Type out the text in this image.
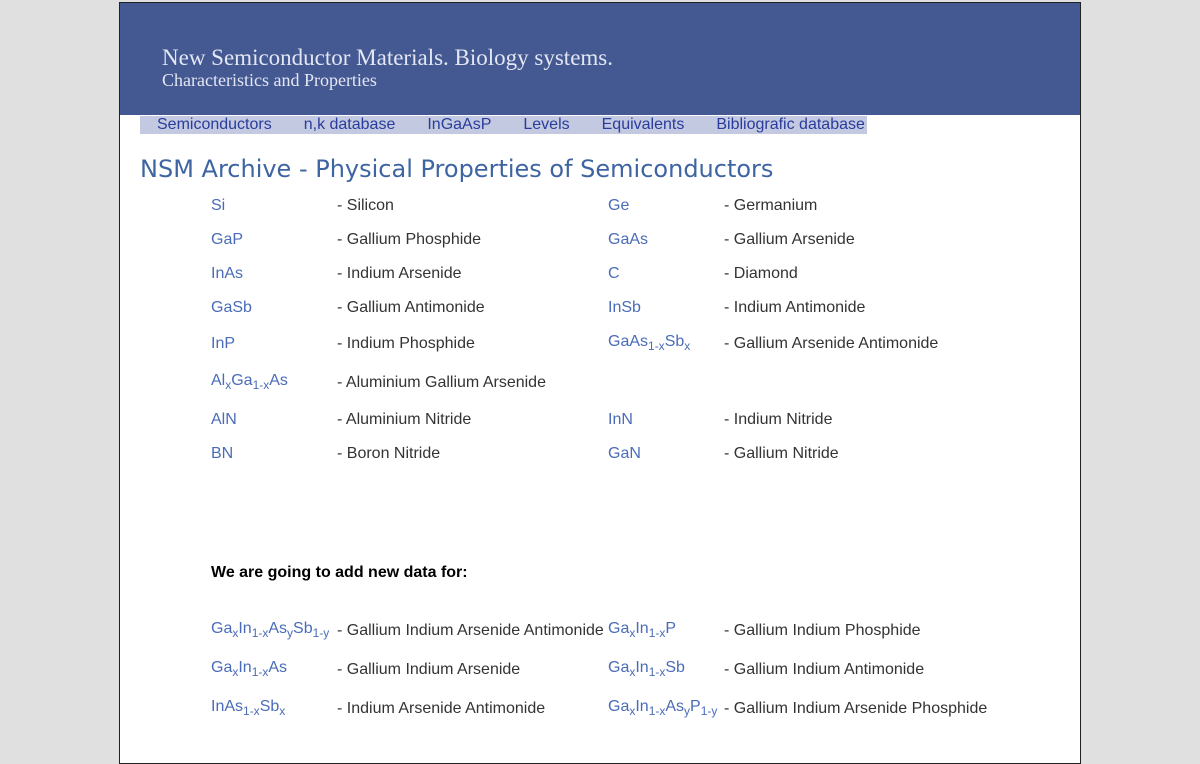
New Semiconductor Materials. Biology systems.
Characteristics and Properties
Semiconductors n,k database InGaAsP Levels Equivalents Bibliografic database
NSM Archive - Physical Properties of Semiconductors
Si	- Silicon	Ge	- Germanium
GaP	- Gallium Phosphide	GaAs	- Gallium Arsenide
InAs	- Indium Arsenide	C	- Diamond
GaSb	- Gallium Antimonide	InSb	- Indium Antimonide
InP	- Indium Phosphide	$GaAs_{1-x}Sb_x$ - Gallium Arsenide Antimonide
$Al_xGa_{1-x}As$	- Aluminium Gallium Arsenide
AlN	- Aluminium Nitride	InN	- Indium Nitride
BN	- Boron Nitride	GaN	- Gallium Nitride
We are going to add new data for:
$Ga_xIn_{1-x}As_ySb_{1-y}$ - Gallium Indium Arsenide Antimonide $Ga_xIn_{1-x}P$	- Gallium Indium Phosphide
$Ga_xIn_{1-x}As$	- Gallium Indium Arsenide	$Ga_xIn_{1-x}Sb$ - Gallium Indium Antimonide
$InAs_{1-x}Sb_x$	- Indium Arsenide Antimonide	$Ga_xIn_{1-x}As_yP_{1-y}$ - Gallium Indium Arsenide Phosphide
